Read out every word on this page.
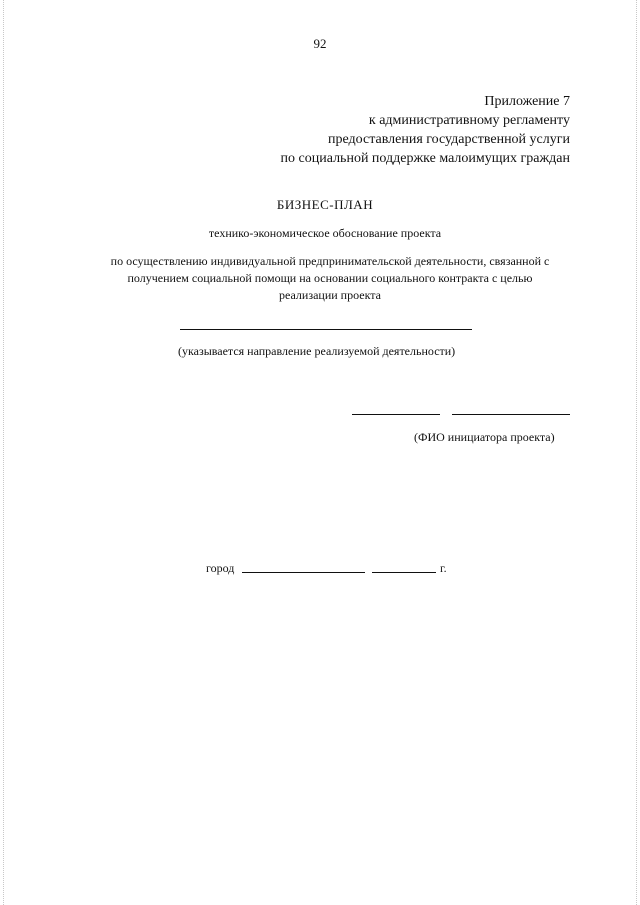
92
Приложение 7
к административному регламенту
предоставления государственной услуги
по социальной поддержке малоимущих граждан
БИЗНЕС-ПЛАН
технико-экономическое обоснование проекта
по осуществлению индивидуальной предпринимательской деятельности, связанной с
получением социальной помощи на основании социального контракта с целью
реализации проекта
(указывается направление реализуемой деятельности)
(ФИО инициатора проекта)
город	г.
